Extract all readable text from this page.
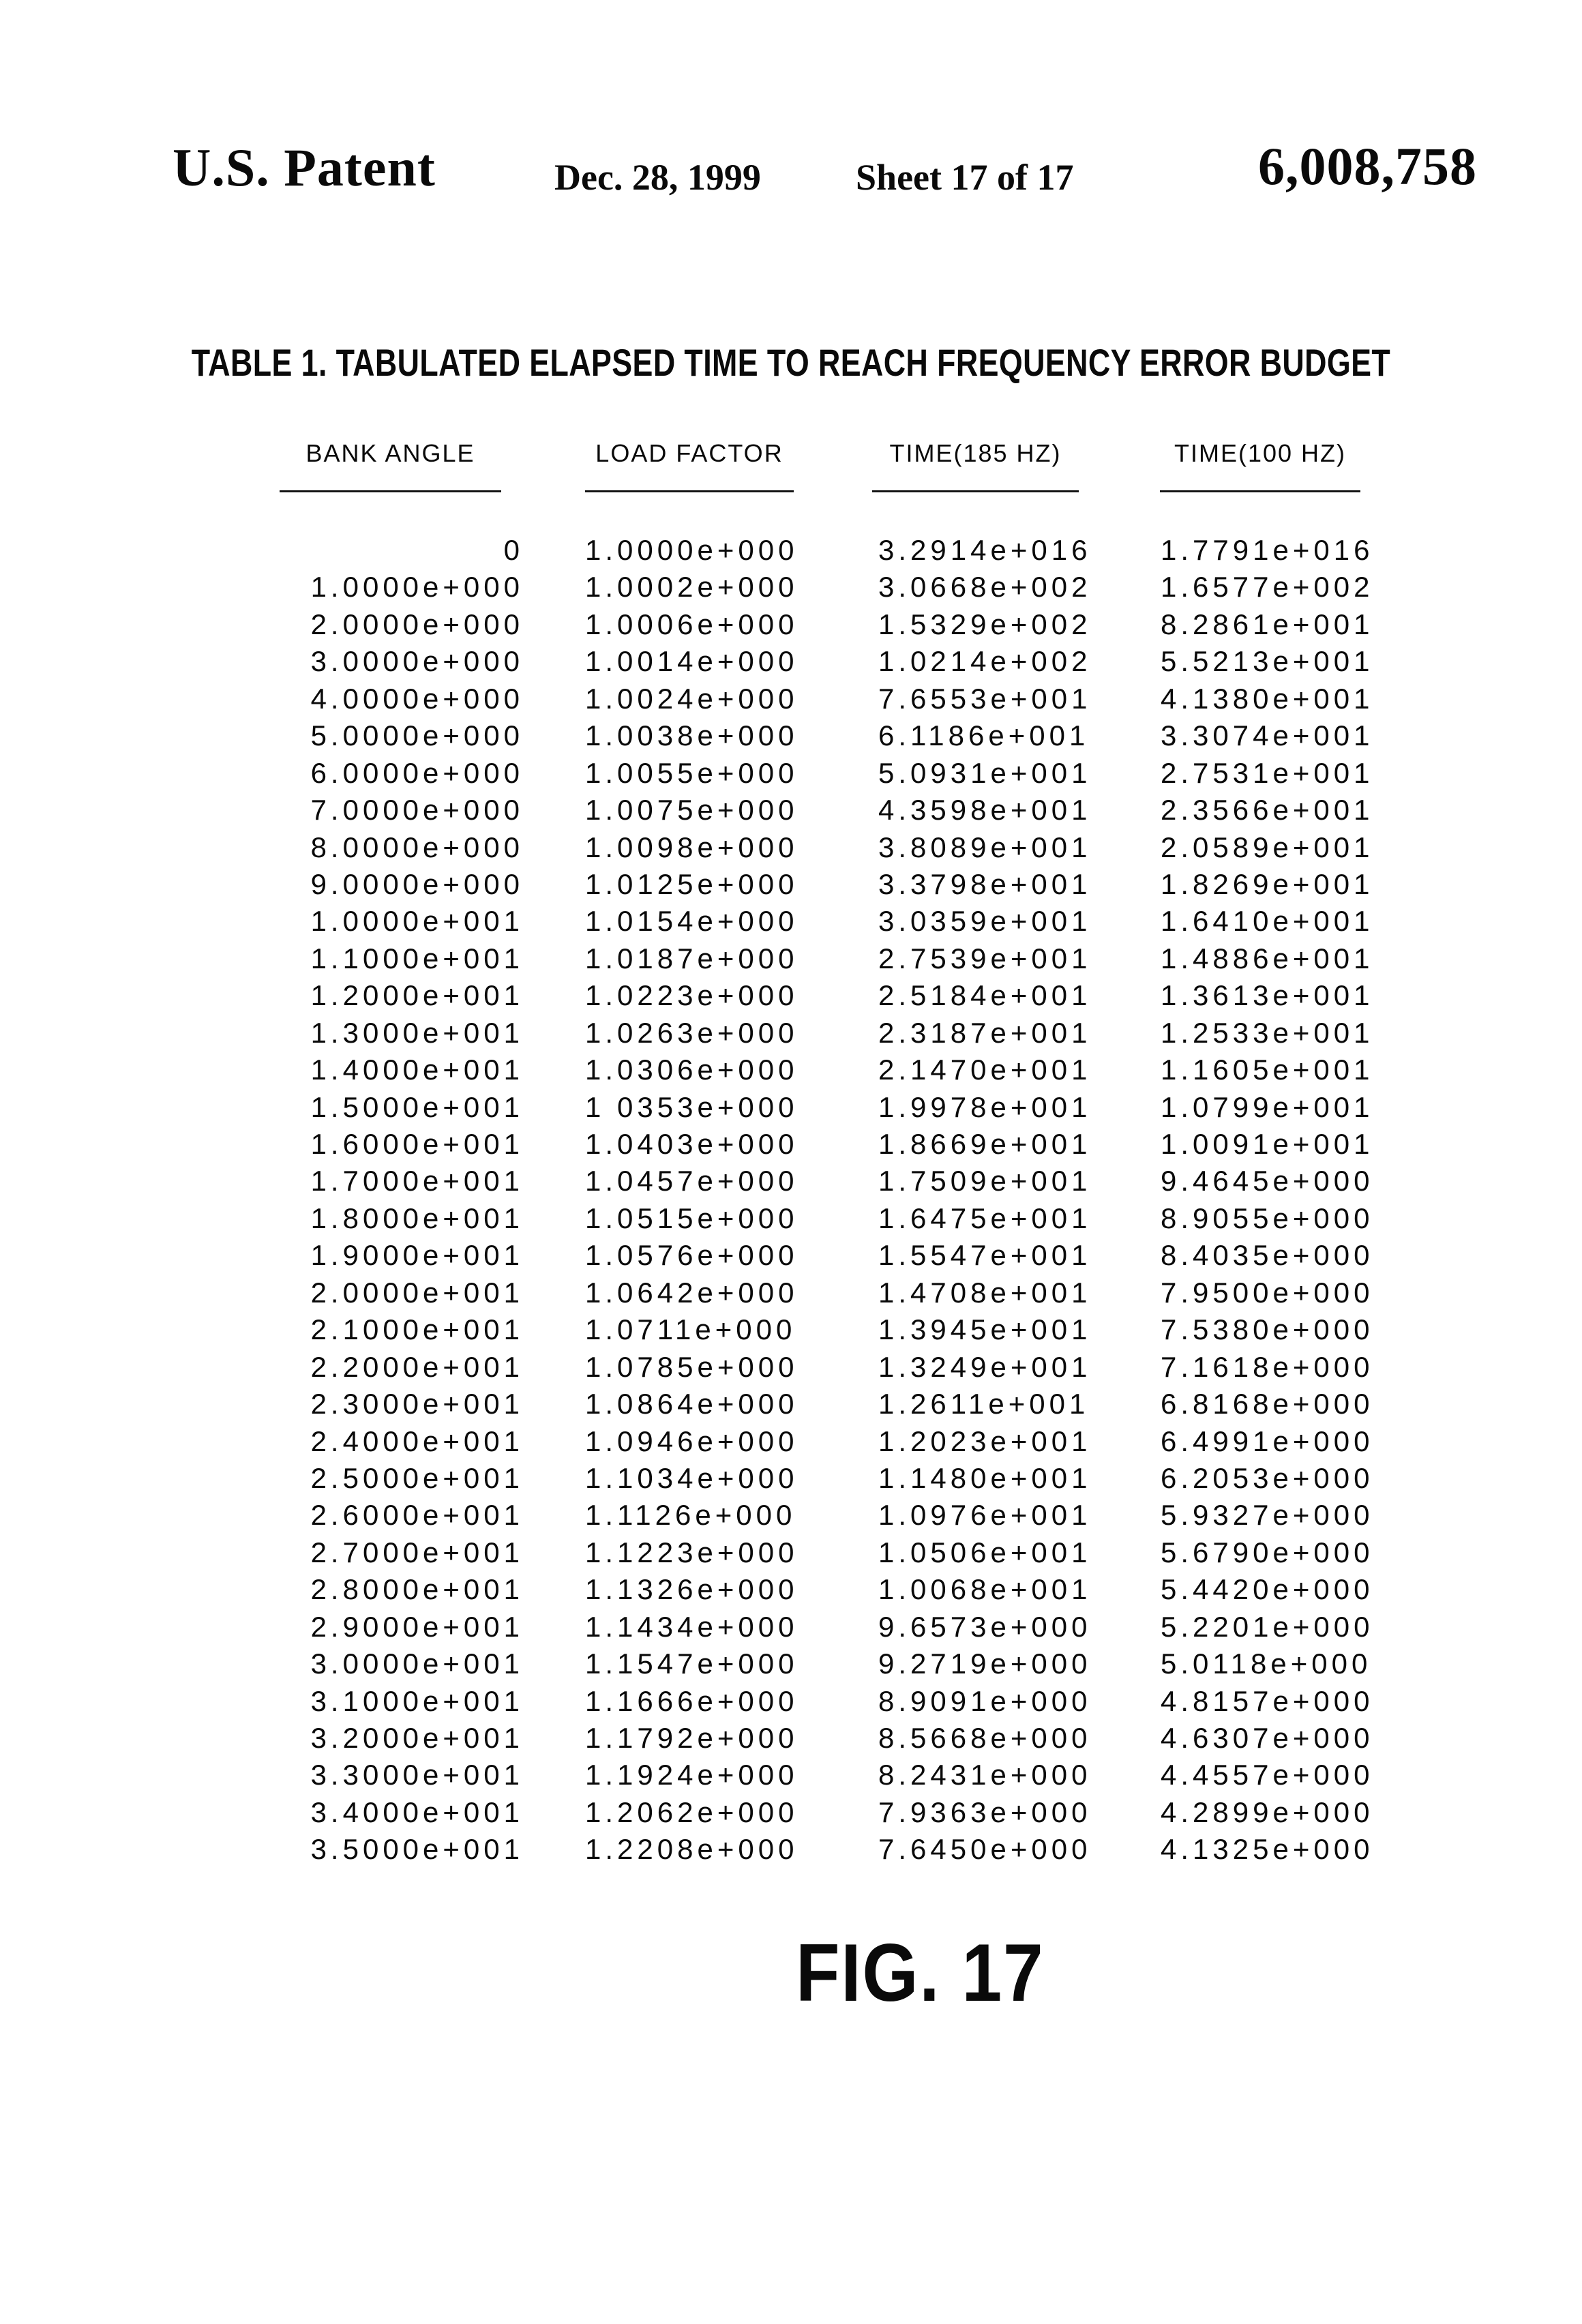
U.S. Patent	Dec. 28, 1999	Sheet 17 of 17	6,008,758
TABLE 1. TABULATED ELAPSED TIME TO REACH FREQUENCY ERROR BUDGET
BANK ANGLE	LOAD FACTOR	TIME(185 HZ)	TIME(100 HZ)
0	1.0000e+000	3.2914e+016	1.7791e+016
1.0000e+000	1.0002e+000	3.0668e+002	1.6577e+002
2.0000e+000	1.0006e+000	1.5329e+002	8.2861e+001
3.0000e+000	1.0014e+000	1.0214e+002	5.5213e+001
4.0000e+000	1.0024e+000	7.6553e+001	4.1380e+001
5.0000e+000	1.0038e+000	6.1186e+001	3.3074e+001
6.0000e+000	1.0055e+000	5.0931e+001	2.7531e+001
7.0000e+000	1.0075e+000	4.3598e+001	2.3566e+001
8.0000e+000	1.0098e+000	3.8089e+001	2.0589e+001
9.0000e+000	1.0125e+000	3.3798e+001	1.8269e+001
1.0000e+001	1.0154e+000	3.0359e+001	1.6410e+001
1.1000e+001	1.0187e+000	2.7539e+001	1.4886e+001
1.2000e+001	1.0223e+000	2.5184e+001	1.3613e+001
1.3000e+001	1.0263e+000	2.3187e+001	1.2533e+001
1.4000e+001	1.0306e+000	2.1470e+001	1.1605e+001
1.5000e+001	1 0353e+000	1.9978e+001	1.0799e+001
1.6000e+001	1.0403e+000	1.8669e+001	1.0091e+001
1.7000e+001	1.0457e+000	1.7509e+001	9.4645e+000
1.8000e+001	1.0515e+000	1.6475e+001	8.9055e+000
1.9000e+001	1.0576e+000	1.5547e+001	8.4035e+000
2.0000e+001	1.0642e+000	1.4708e+001	7.9500e+000
2.1000e+001	1.0711e+000	1.3945e+001	7.5380e+000
2.2000e+001	1.0785e+000	1.3249e+001	7.1618e+000
2.3000e+001	1.0864e+000	1.2611e+001	6.8168e+000
2.4000e+001	1.0946e+000	1.2023e+001	6.4991e+000
2.5000e+001	1.1034e+000	1.1480e+001	6.2053e+000
2.6000e+001	1.1126e+000	1.0976e+001	5.9327e+000
2.7000e+001	1.1223e+000	1.0506e+001	5.6790e+000
2.8000e+001	1.1326e+000	1.0068e+001	5.4420e+000
2.9000e+001	1.1434e+000	9.6573e+000	5.2201e+000
3.0000e+001	1.1547e+000	9.2719e+000	5.0118e+000
3.1000e+001	1.1666e+000	8.9091e+000	4.8157e+000
3.2000e+001	1.1792e+000	8.5668e+000	4.6307e+000
3.3000e+001	1.1924e+000	8.2431e+000	4.4557e+000
3.4000e+001	1.2062e+000	7.9363e+000	4.2899e+000
3.5000e+001	1.2208e+000	7.6450e+000	4.1325e+000
FIG. 17
